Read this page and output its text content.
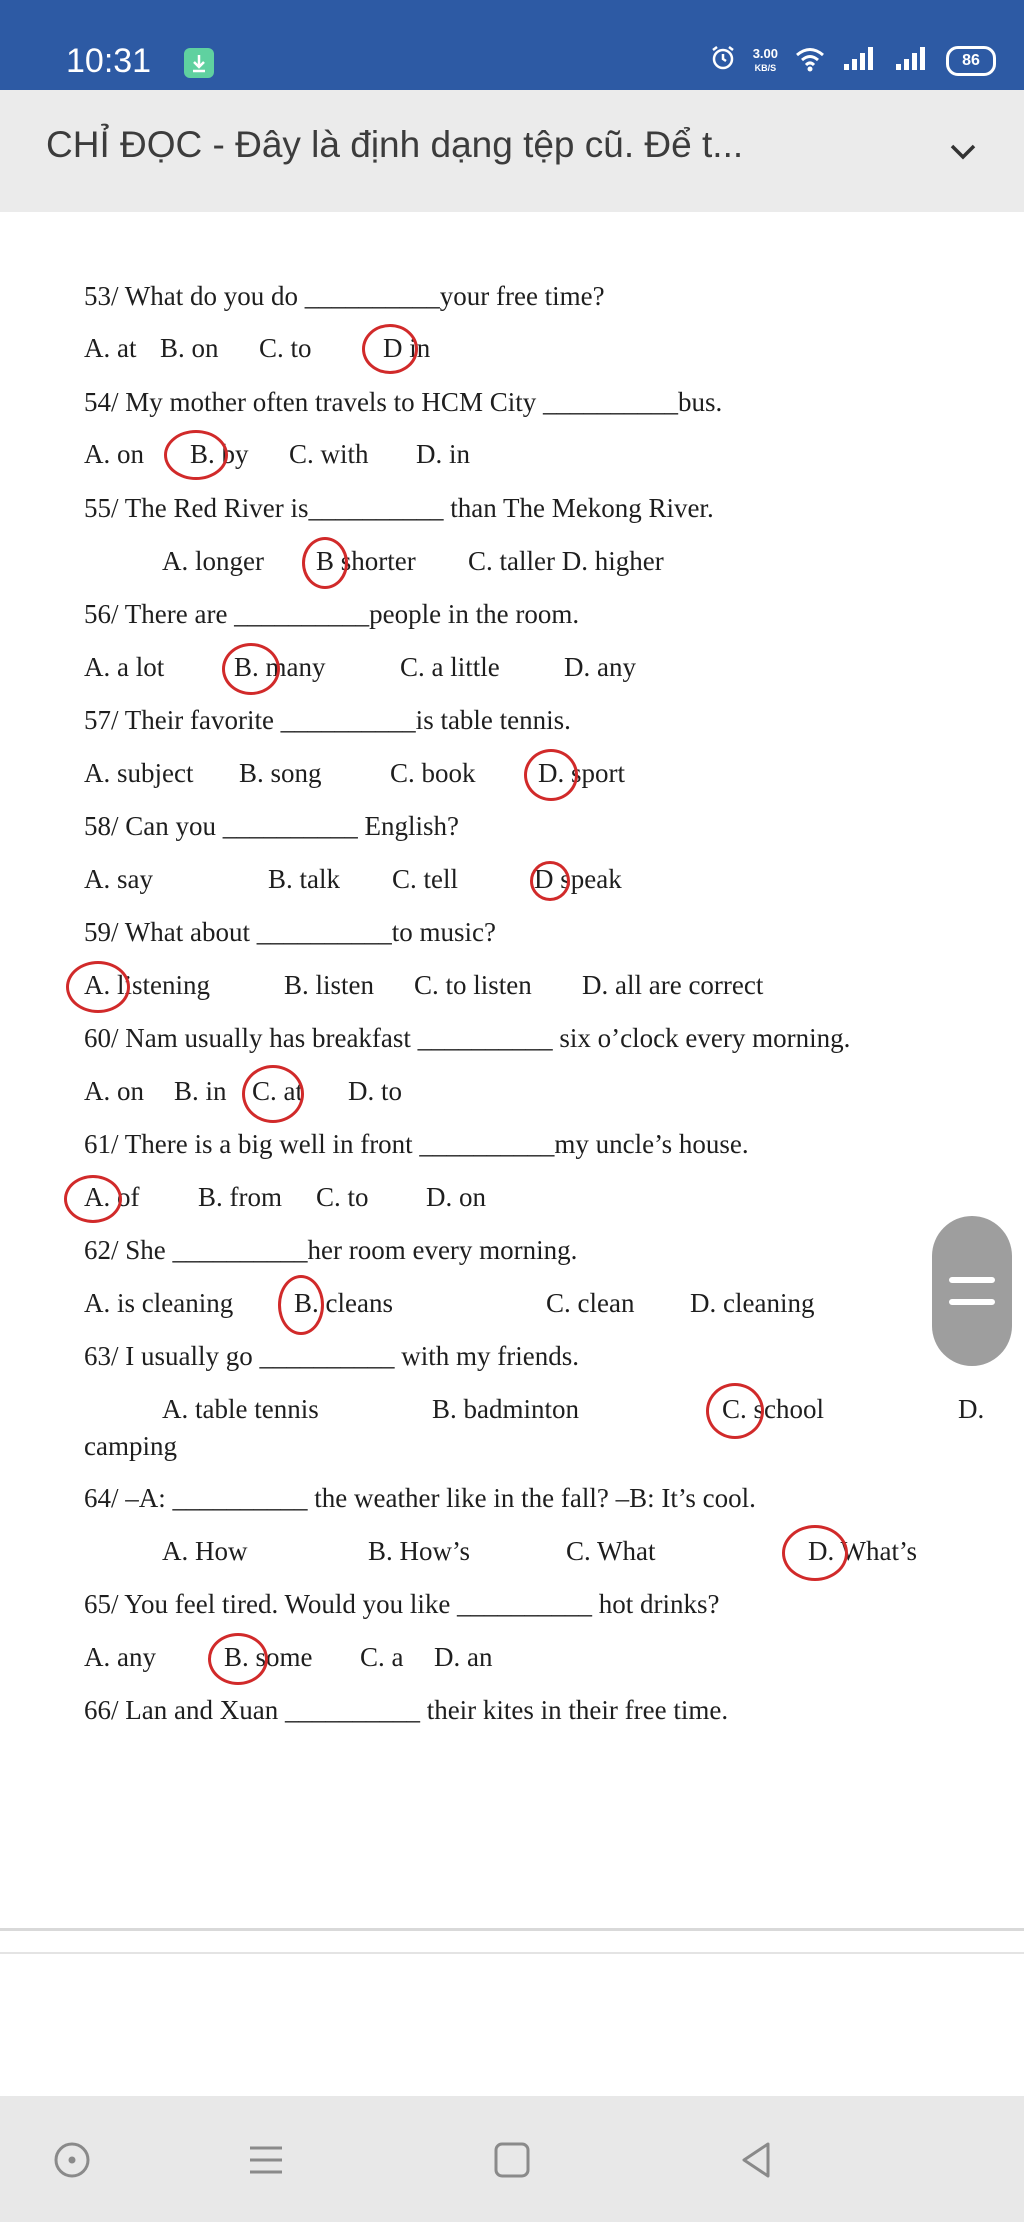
10:31	3.00
KB/S	86
CHỈ ĐỌC - Đây là định dạng tệp cũ. Để t...
53/ What do you do __________your free time?
A. at B. on C. to	D in
54/ My mother often travels to HCM City __________bus.
A. on B. by C. with D. in
55/ The Red River is__________ than The Mekong River.
A. longer B shorter C. taller D. higher
56/ There are __________people in the room.
A. a lot	B. many	C. a little D. any
57/ Their favorite __________is table tennis.
A. subject B. song	C. book D. sport
58/ Can you __________ English?
A. say	B. talk C. tell	D speak
59/ What about __________to music?
A. listening	B. listen C. to listen D. all are correct
60/ Nam usually has breakfast __________ six o’clock every morning.
A. on B. in C. at D. to
61/ There is a big well in front __________my uncle’s house.
A. of B. from C. to D. on
62/ She __________her room every morning.
A. is cleaning B. cleans	C. clean D. cleaning
63/ I usually go __________ with my friends.
A. table tennis	B. badminton	C. school	D.
camping
64/ –A: __________ the weather like in the fall? –B: It’s cool.
A. How	B. How’s	C. What	D. What’s
65/ You feel tired. Would you like __________ hot drinks?
A. any	B. some C. a D. an
66/ Lan and Xuan __________ their kites in their free time.
